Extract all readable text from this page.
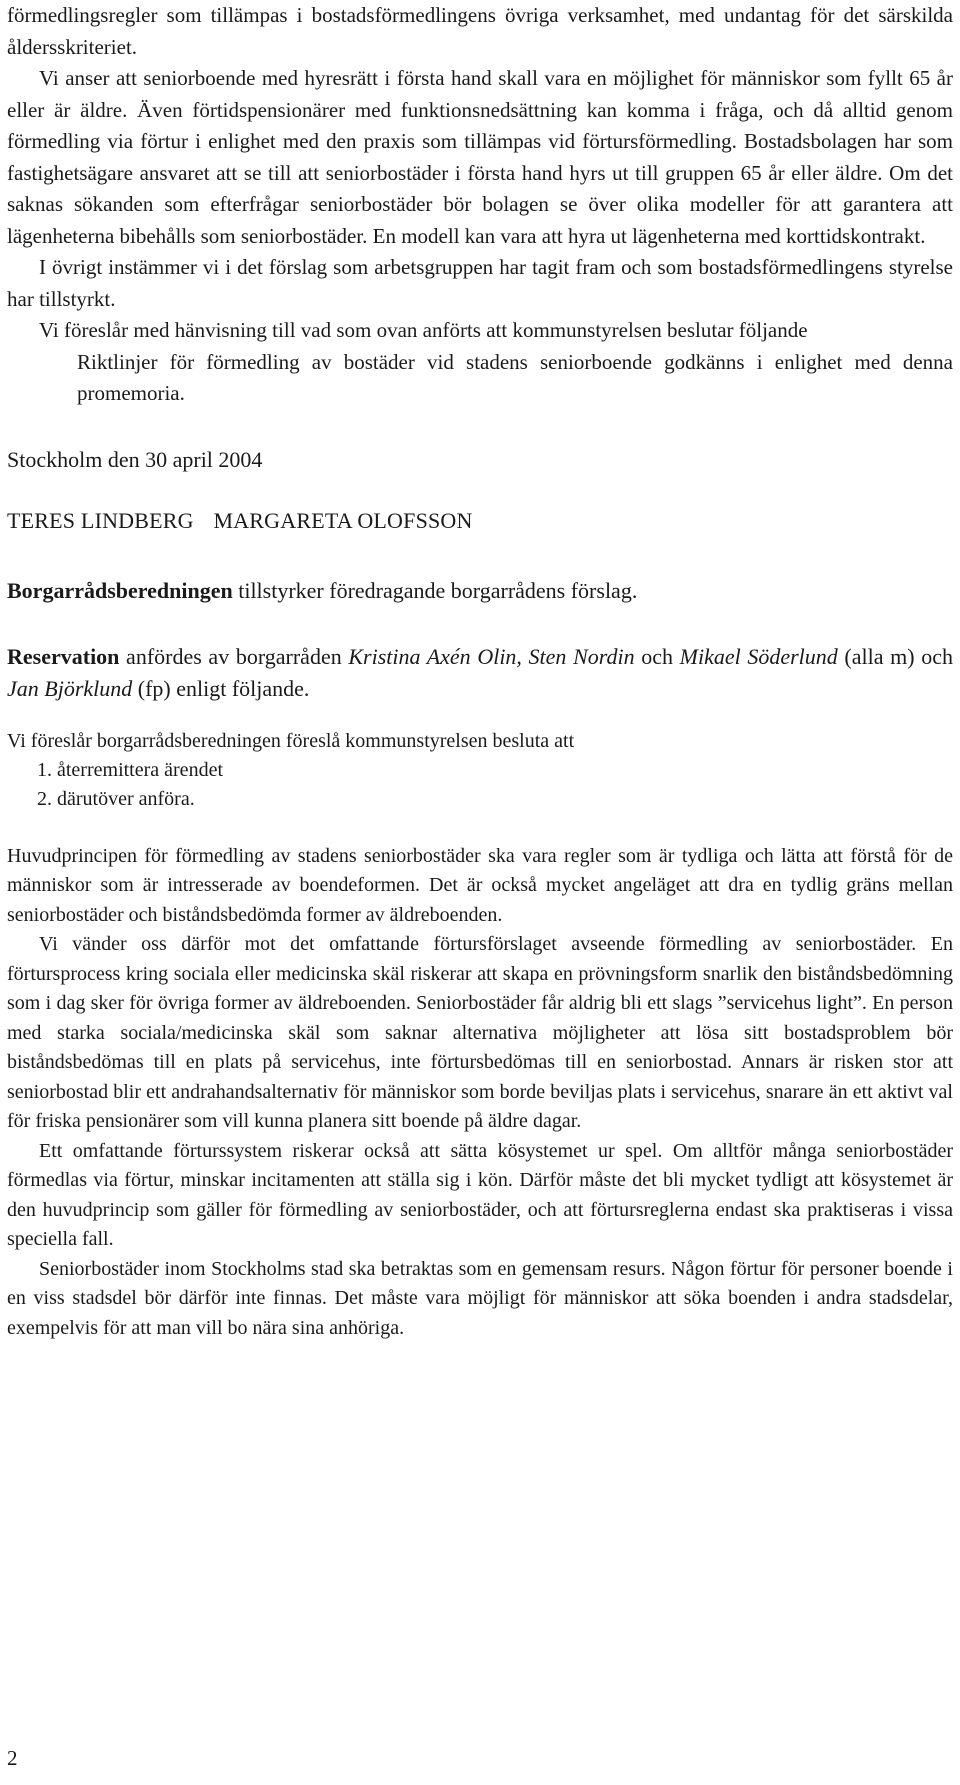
förmedlingsregler som tillämpas i bostadsförmedlingens övriga verksamhet, med undantag för det särskilda åldersskriteriet.

Vi anser att seniorboende med hyresrätt i första hand skall vara en möjlighet för människor som fyllt 65 år eller är äldre. Även förtidspensionärer med funktionsnedsättning kan komma i fråga, och då alltid genom förmedling via förtur i enlighet med den praxis som tillämpas vid förtursförmedling. Bostadsbolagen har som fastighetsägare ansvaret att se till att seniorbostäder i första hand hyrs ut till gruppen 65 år eller äldre. Om det saknas sökanden som efterfrågar seniorbostäder bör bolagen se över olika modeller för att garantera att lägenheterna bibehålls som seniorbostäder. En modell kan vara att hyra ut lägenheterna med korttidskontrakt.

I övrigt instämmer vi i det förslag som arbetsgruppen har tagit fram och som bostadsförmedlingens styrelse har tillstyrkt.

Vi föreslår med hänvisning till vad som ovan anförts att kommunstyrelsen beslutar följande

Riktlinjer för förmedling av bostäder vid stadens seniorboende godkänns i enlighet med denna promemoria.

Stockholm den 30 april 2004

TERES LINDBERG MARGARETA OLOFSSON

Borgarrådsberedningen tillstyrker föredragande borgarrådens förslag.

Reservation anfördes av borgarråden Kristina Axén Olin, Sten Nordin och Mikael Söderlund (alla m) och Jan Björklund (fp) enligt följande.

Vi föreslår borgarrådsberedningen föreslå kommunstyrelsen besluta att

1. återremittera ärendet
2. därutöver anföra.

Huvudprincipen för förmedling av stadens seniorbostäder ska vara regler som är tydliga och lätta att förstå för de människor som är intresserade av boendeformen. Det är också mycket angeläget att dra en tydlig gräns mellan seniorbostäder och biståndsbedömda former av äldreboenden.

Vi vänder oss därför mot det omfattande förtursförslaget avseende förmedling av seniorbostäder. En förtursprocess kring sociala eller medicinska skäl riskerar att skapa en prövningsform snarlik den biståndsbedömning som i dag sker för övriga former av äldreboenden. Seniorbostäder får aldrig bli ett slags ”servicehus light”. En person med starka sociala/medicinska skäl som saknar alternativa möjligheter att lösa sitt bostadsproblem bör biståndsbedömas till en plats på servicehus, inte förtursbedömas till en seniorbostad. Annars är risken stor att seniorbostad blir ett andrahandsalternativ för människor som borde beviljas plats i servicehus, snarare än ett aktivt val för friska pensionärer som vill kunna planera sitt boende på äldre dagar.

Ett omfattande förturssystem riskerar också att sätta kösystemet ur spel. Om alltför många seniorbostäder förmedlas via förtur, minskar incitamenten att ställa sig i kön. Därför måste det bli mycket tydligt att kösystemet är den huvudprincip som gäller för förmedling av seniorbostäder, och att förtursreglerna endast ska praktiseras i vissa speciella fall.

Seniorbostäder inom Stockholms stad ska betraktas som en gemensam resurs. Någon förtur för personer boende i en viss stadsdel bör därför inte finnas. Det måste vara möjligt för människor att söka boenden i andra stadsdelar, exempelvis för att man vill bo nära sina anhöriga.

2
